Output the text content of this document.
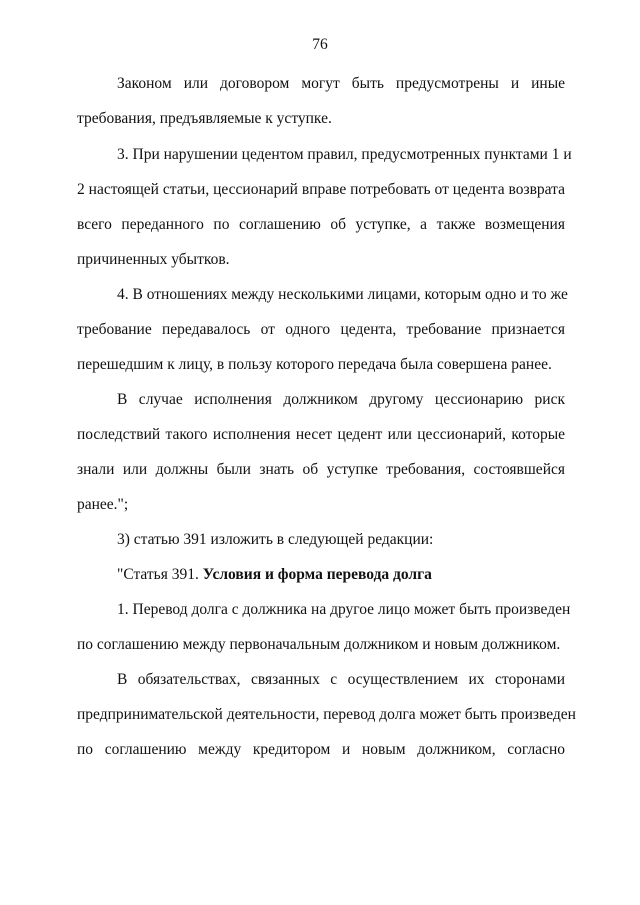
76
Законом или договором могут быть предусмотрены и иные
требования, предъявляемые к уступке.
3. При нарушении цедентом правил, предусмотренных пунктами 1 и
2 настоящей статьи, цессионарий вправе потребовать от цедента возврата
всего переданного по соглашению об уступке, а также возмещения
причиненных убытков.
4. В отношениях между несколькими лицами, которым одно и то же
требование передавалось от одного цедента, требование признается
перешедшим к лицу, в пользу которого передача была совершена ранее.
В случае исполнения должником другому цессионарию риск
последствий такого исполнения несет цедент или цессионарий, которые
знали или должны были знать об уступке требования, состоявшейся
ранее.";
3) статью 391 изложить в следующей редакции:
"Статья 391. Условия и форма перевода долга
1. Перевод долга с должника на другое лицо может быть произведен
по соглашению между первоначальным должником и новым должником.
В обязательствах, связанных с осуществлением их сторонами
предпринимательской деятельности, перевод долга может быть произведен
по соглашению между кредитором и новым должником, согласно
